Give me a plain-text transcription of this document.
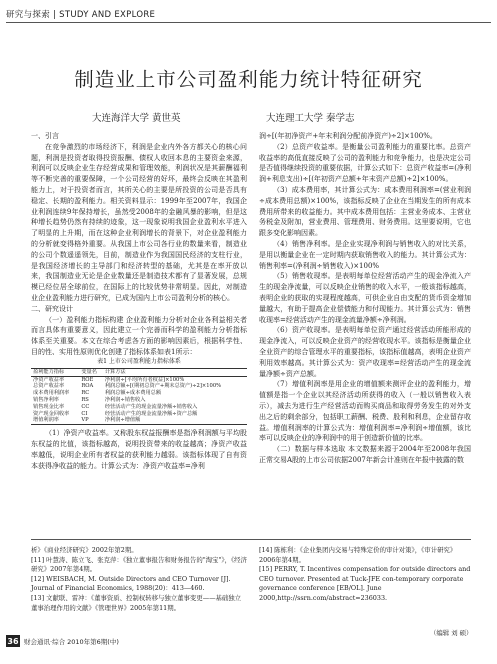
研究与探索 | STUDY AND EXPLORE
制造业上市公司盈利能力统计特征研究
大连海洋大学 黄世英	大连理工大学 秦学志

一、引言

在竞争激烈的市场经济下，利润是企业内外各方都关心的核心问题，利润是投资者取得投资报酬、债权人收回本息的主要资金来源，利润可以反映企业生存经营成果和管理效能，利润状况是其薪酬福利等不断完善的重要保障，一个公司经营的好坏，最终会反映在其盈利能力上，对于投资者而言，其所关心的主要是所投资的公司是否具有稳定、长期的盈利能力。相关资料显示：1999年至2007年，我国企业利润连续9年保持增长，虽然受2008年的金融风暴的影响，但是这种增长趋势仍然有持续的迹象，这一现象说明我国企业盈利水平进入了明显的上升期，而在这种企业利润增长的背景下，对企业盈利能力的分析就变得格外重要。从我国上市公司各行业的数量来看，制造业的公司个数遥遥领先，目前，制造业作为我国国民经济的支柱行业，是我国经济增长的主导部门和经济转型的基础，尤其是在率开放以来，我国制造业无论是企业数量还是制造技术都有了显著发展，总规模已经位居全球前位，在国际上的比较优势非常明显。因此，对制造业企业盈利能力进行研究，已成为国内上市公司盈利分析的核心。

二、研究设计

（一）盈利能力指标构建 企业盈利能力分析对企业各利益相关者而言具体有重要意义，因此建立一个完善而科学的盈利能力分析指标体系至关重要。本文在综合考虑各方面的影响因素后，根据科学性、目的性、实用性原则优化创建了指标体系如表1所示：

表1 上市公司盈利能力指标体系
盈利能力指标	变量名	计算方法
净资产收益率	ROE	净利润÷[平均所有者权益]×100%
总资产收益率	ROA	利润总额÷[(期初总资产+期末总资产)÷2]×100%
成本费用利润率	RC	利润总额÷成本费用总额
销售净利率	RS	净利润÷销售收入
销售现金比率	CC	经营活动产生的现金流量净额÷销售收入
资产现金回收率	CI	经营活动产生的现金流量净额÷资产总额
增值利润率	VP	净利润÷增值额

（1）净资产收益率。又称股东权益报酬率是指净利润额与平均股东权益的比值，该指标越高，说明投资带来的收益越高；净资产收益率越低，说明企业所有者权益的获利能力越弱。该指标体现了自有资本获得净收益的能力。计算公式为：净资产收益率=净利

润÷[(年初净资产+年末利润分配前净资产)÷2]×100%。

（2）总资产收益率。是衡量公司盈利能力的重要比率。总资产收益率的高低直接反映了公司的盈利能力和竞争能力，也是决定公司是否值得继续投资的重要依据，计算公式如下：总资产收益率=(净利润+利息支出)÷[(年初资产总额+年末资产总额)÷2]×100%。

（3）成本费用率，其计算公式为：成本费用利润率=(营业利润÷成本费用总额)×100%，该指标反映了企业在当期发生的所有成本费用所带来的收益能力。其中成本费用包括：主营业务成本、主营业务税金及附加，营业费用、管理费用、财务费用。这里要说明，它也跟多变化影响因素。

（4）销售净利率。是企业实现净利润与销售收入的对比关系，是用以衡量企业在一定时期内获取销售收入的能力。其计算公式为：销售利率=(净利润÷销售收入)×100%

（5）销售收现率。是表明每单位经营活动产生的现金净流入产生的现金净流量，可以反映企业销售的收入水平，一般该指标越高，表明企业的获取的实现程度越高，可供企业自由支配的货币资金增加量越大，有助于提高企业偿债能力和付现能力。其计算公式为：销售收现率=经营活动产生的现金流量净额÷净利润。

（6）资产收现率。是表明每单位资产通过经营活动所能形成的现金净流入，可以反映企业资产的经营收现水平。该指标是衡量企业全业资产的综合管理水平的重要指标，该指标值越高，表明企业资产利用效率越高。其计算公式为：资产收现率=经营活动产生的现金流量净额÷资产总额。

（7）增值利润率是用企业的增值额来测评企业的盈利能力，增值额是指一个企业以其经济活动所获得的收入（一般以销售收入表示），减去为进行生产经营活动而购买商品和取得劳务发生的对外支出之后的剩余部分，包括职工薪酬、税费、股利和利息，企业留存收益。增值利润率的计算公式为：增值利润率=净利润÷增值额，该比率可以反映企业的净利润中的用于创造新价值的比率。

（二）数据与样本选取 本文数据来源于2004年至2008年我国正常交易A股的上市公司依据2007年新会计准则在年报中披露的数

析》《商业经济研究》2002年第2期。

[11] 叶慧涛、陈立飞、张克萍：《独立董事报告和财务报告的"淘宝"》，《经济研究》2007年第4期。

[12] WEISBACH, M. Outside Directors and CEO Turnover [J]. Journal of Financial Economics, 1988(20)：413—460.

[13] 文献联、雷冲：《董事资质、控制权转移与独立董事变更——基础独立董事治理作用的文献》《管理世界》2005年第11期。

[14] 陈栋利：《企业集团内交易与特殊定价的审计对策》，《审计研究》2006年第4期。

[15] PERRY, T. Incentives compensation for outside directors and CEO turnover. Presented at Tuck-JFE con-temporary corporate governance conference [EB/OL]. June 2000,http://ssrn.com/abstract=236033.

（编辑 刘 硕）
36 财会通讯·综合 2010年第6期(中)
